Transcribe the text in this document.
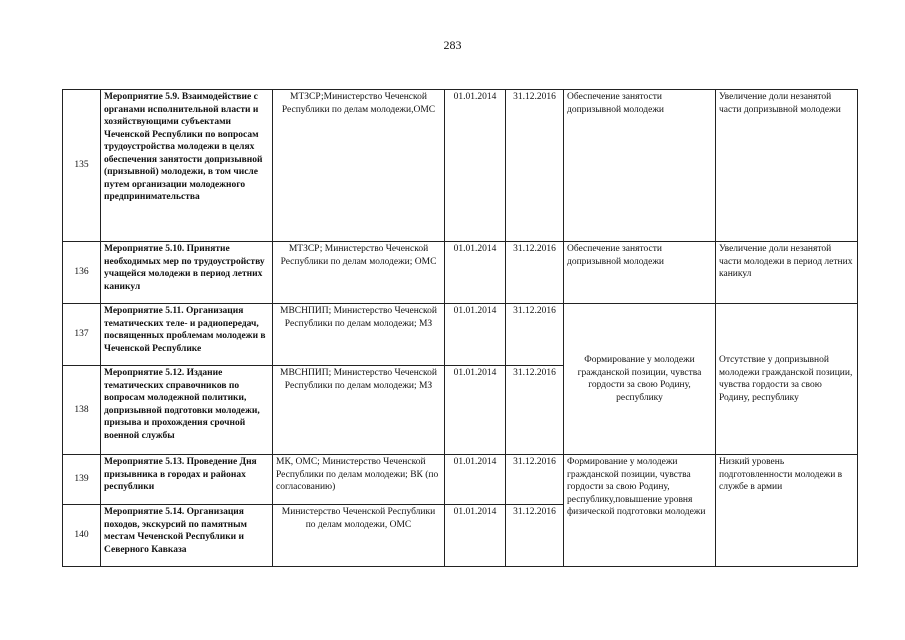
283
135	Мероприятие 5.9. Взаимодействие с органами исполнительной власти и хозяйствующими субъектами Чеченской Республики по вопросам трудоустройства молодежи в целях обеспечения занятости допризывной (призывной) молодежи, в том числе путем организации молодежного предпринимательства	МТЗСР;Министерство Чеченской Республики по делам молодежи,ОМС	01.01.2014	31.12.2016	Обеспечение занятости допризывной молодежи	Увеличение доли незанятой части допризывной молодежи
136	Мероприятие 5.10. Принятие необходимых мер по трудоустройству учащейся молодежи в период летних каникул	МТЗСР; Министерство Чеченской Республики по делам молодежи; ОМС	01.01.2014	31.12.2016	Обеспечение занятости допризывной молодежи	Увеличение доли незанятой части молодежи в период летних каникул
137	Мероприятие 5.11. Организация тематических теле- и радиопередач, посвященных проблемам молодежи в Чеченской Республике	МВСНПИП; Министерство Чеченской Республики по делам молодежи; МЗ	01.01.2014	31.12.2016	Формирование у молодежи гражданской позиции, чувства гордости за свою Родину, республику	Отсутствие у допризывной молодежи гражданской позиции, чувства гордости за свою Родину, республику
138	Мероприятие 5.12. Издание тематических справочников по вопросам молодежной политики, допризывной подготовки молодежи, призыва и прохождения срочной военной службы	МВСНПИП; Министерство Чеченской Республики по делам молодежи; МЗ	01.01.2014	31.12.2016		
139	Мероприятие 5.13. Проведение Дня призывника в городах и районах республики	МК, ОМС; Министерство Чеченской Республики по делам молодежи; ВК (по согласованию)	01.01.2014	31.12.2016	Формирование у молодежи гражданской позиции, чувства гордости за свою Родину, республику,повышение уровня физической подготовки молодежи	Низкий уровень подготовленности молодежи в службе в армии
140	Мероприятие 5.14. Организация походов, экскурсий по памятным местам Чеченской Республики и Северного Кавказа	Министерство Чеченской Республики по делам молодежи, ОМС	01.01.2014	31.12.2016		
